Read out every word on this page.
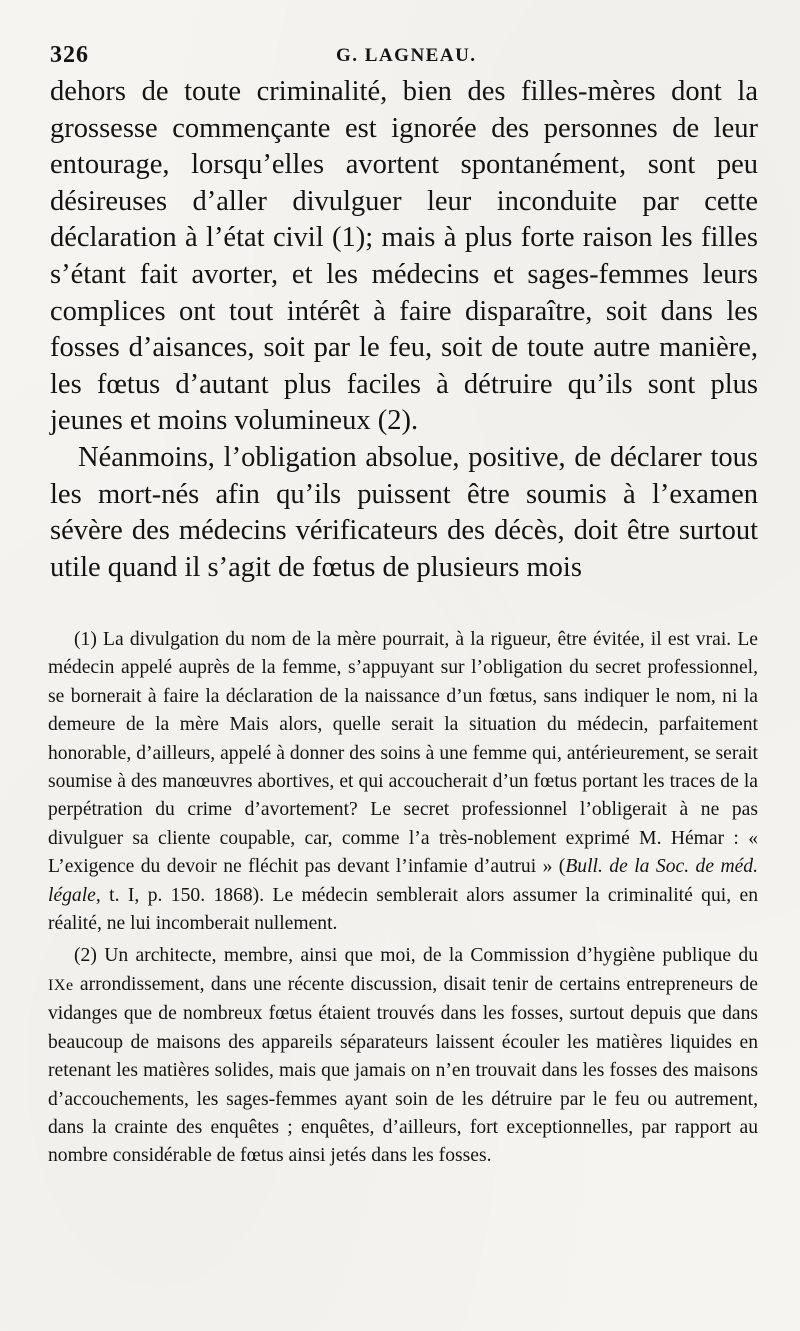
326	G. LAGNEAU.

dehors de toute criminalité, bien des filles-mères dont la grossesse commençante est ignorée des personnes de leur entourage, lorsqu’elles avortent spontanément, sont peu désireuses d’aller divulguer leur inconduite par cette déclaration à l’état civil (1); mais à plus forte raison les filles s’étant fait avorter, et les médecins et sages-femmes leurs complices ont tout intérêt à faire disparaître, soit dans les fosses d’aisances, soit par le feu, soit de toute autre manière, les fœtus d’autant plus faciles à détruire qu’ils sont plus jeunes et moins volumineux (2).

Néanmoins, l’obligation absolue, positive, de déclarer tous les mort-nés afin qu’ils puissent être soumis à l’examen sévère des médecins vérificateurs des décès, doit être surtout utile quand il s’agit de fœtus de plusieurs mois

(1) La divulgation du nom de la mère pourrait, à la rigueur, être évitée, il est vrai. Le médecin appelé auprès de la femme, s’appuyant sur l’obligation du secret professionnel, se bornerait à faire la déclaration de la naissance d’un fœtus, sans indiquer le nom, ni la demeure de la mère Mais alors, quelle serait la situation du médecin, parfaitement honorable, d’ailleurs, appelé à donner des soins à une femme qui, antérieurement, se serait soumise à des manœuvres abortives, et qui accoucherait d’un fœtus portant les traces de la perpétration du crime d’avortement? Le secret professionnel l’obligerait à ne pas divulguer sa cliente coupable, car, comme l’a très-noblement exprimé M. Hémar : « L’exigence du devoir ne fléchit pas devant l’infamie d’autrui » (Bull. de la Soc. de méd. légale, t. I, p. 150. 1868). Le médecin semblerait alors assumer la criminalité qui, en réalité, ne lui incomberait nullement.

(2) Un architecte, membre, ainsi que moi, de la Commission d’hygiène publique du IXe arrondissement, dans une récente discussion, disait tenir de certains entrepreneurs de vidanges que de nombreux fœtus étaient trouvés dans les fosses, surtout depuis que dans beaucoup de maisons des appareils séparateurs laissent écouler les matières liquides en retenant les matières solides, mais que jamais on n’en trouvait dans les fosses des maisons d’accouchements, les sages-femmes ayant soin de les détruire par le feu ou autrement, dans la crainte des enquêtes ; enquêtes, d’ailleurs, fort exceptionnelles, par rapport au nombre considérable de fœtus ainsi jetés dans les fosses.
